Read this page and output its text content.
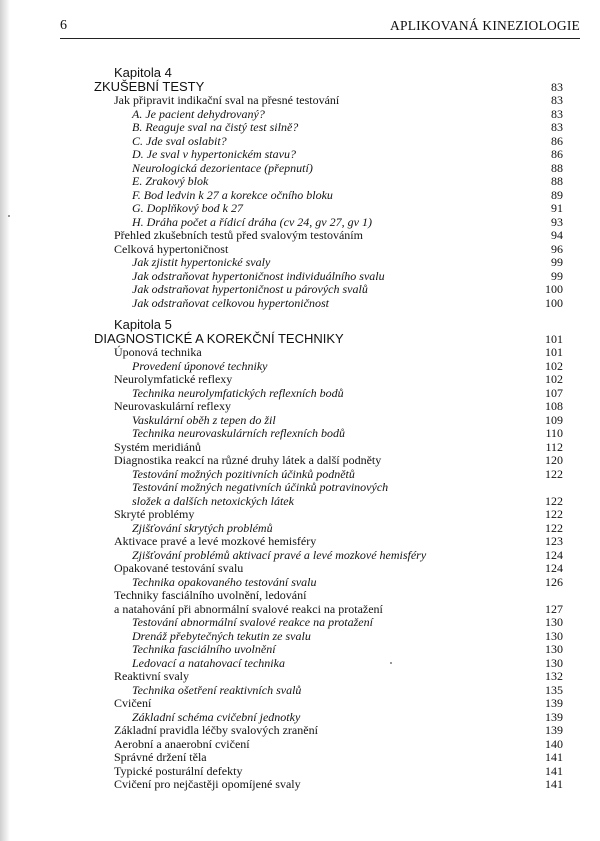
6	APLIKOVANÁ KINEZIOLOGIE
Kapitola 4
ZKUŠEBNÍ TESTY	83
Jak připravit indikační sval na přesné testování	83
A. Je pacient dehydrovaný?	83
B. Reaguje sval na čistý test silně?	83
C. Jde sval oslabit?	86
D. Je sval v hypertonickém stavu?	86
Neurologická dezorientace (přepnutí)	88
E. Zrakový blok	88
F. Bod ledvin k 27 a korekce očního bloku	89
G. Doplňkový bod k 27	91
H. Dráha počet a řídicí dráha (cv 24, gv 27, gv 1)	93
Přehled zkušebních testů před svalovým testováním	94
Celková hypertoničnost	96
Jak zjistit hypertonické svaly	99
Jak odstraňovat hypertoničnost individuálního svalu	99
Jak odstraňovat hypertoničnost u párových svalů	100
Jak odstraňovat celkovou hypertoničnost	100
Kapitola 5
DIAGNOSTICKÉ A KOREKČNÍ TECHNIKY	101
Úponová technika	101
Provedení úponové techniky	102
Neurolymfatické reflexy	102
Technika neurolymfatických reflexních bodů	107
Neurovaskulární reflexy	108
Vaskulární oběh z tepen do žil	109
Technika neurovaskulárních reflexních bodů	110
Systém meridiánů	112
Diagnostika reakcí na různé druhy látek a další podněty	120
Testování možných pozitivních účinků podnětů	122
Testování možných negativních účinků potravinových
složek a dalších netoxických látek	122
Skryté problémy	122
Zjišťování skrytých problémů	122
Aktivace pravé a levé mozkové hemisféry	123
Zjišťování problémů aktivací pravé a levé mozkové hemisféry	124
Opakované testování svalu	124
Technika opakovaného testování svalu	126
Techniky fasciálního uvolnění, ledování
a natahování při abnormální svalové reakci na protažení	127
Testování abnormální svalové reakce na protažení	130
Drenáž přebytečných tekutin ze svalu	130
Technika fasciálního uvolnění	130
Ledovací a natahovací technika	130
Reaktivní svaly	132
Technika ošetření reaktivních svalů	135
Cvičení	139
Základní schéma cvičební jednotky	139
Základní pravidla léčby svalových zranění	139
Aerobní a anaerobní cvičení	140
Správné držení těla	141
Typické posturální defekty	141
Cvičení pro nejčastěji opomíjené svaly	141
